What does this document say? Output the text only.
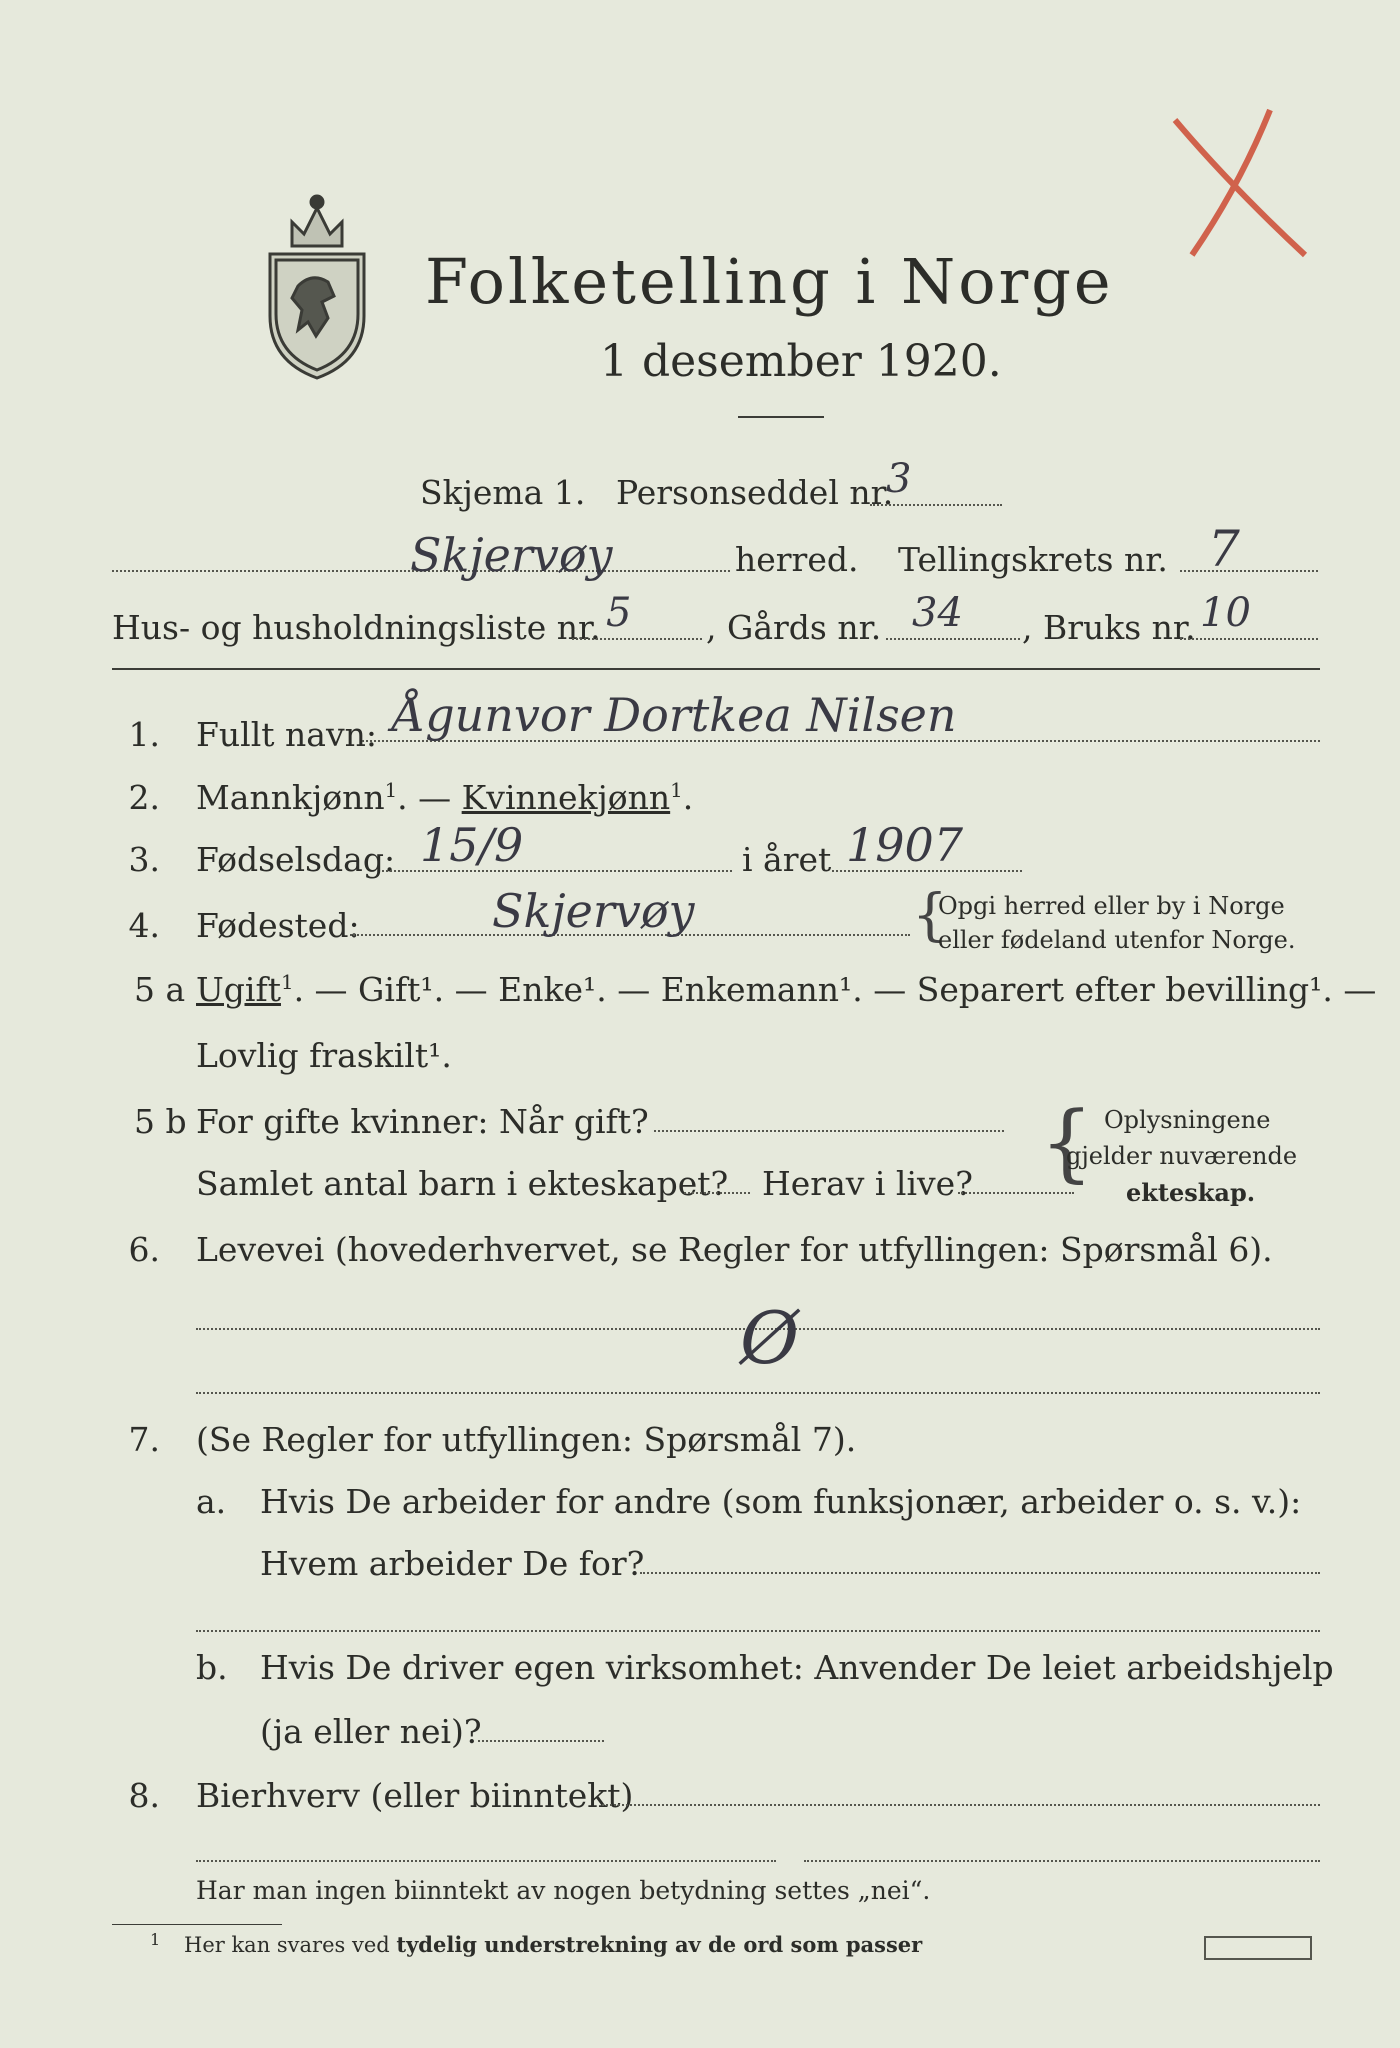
Folketelling i Norge
1 desember 1920.
Skjema 1. Personseddel nr.
3
Skjervøy	herred. Tellingskrets nr. 7
Hus- og husholdningsliste nr. 5 , Gårds nr. 34 , Bruks nr. 10
1. Fullt navn: Ågunvor Dortkea Nilsen
2. Mannkjønn$^1$. — Kvinnekjønn$^1$.
3. Fødselsdag: 15/9	i året 1907
4. Fødested:	Skjervøy	{
Opgi herred eller by i Norge
eller fødeland utenfor Norge.
5 a Ugift$^1$. — Gift¹. — Enke¹. — Enkemann¹. — Separert efter bevilling¹. —
Lovlig fraskilt¹.
5 b For gifte kvinner: Når gift?
Samlet antal barn i ekteskapet? Herav i live? { Oplysningene
gjelder nuværende
ekteskap.
6. Levevei (hovederhvervet, se Regler for utfyllingen: Spørsmål 6).
Ø
7. (Se Regler for utfyllingen: Spørsmål 7).
a. Hvis De arbeider for andre (som funksjonær, arbeider o. s. v.):
Hvem arbeider De for?
b. Hvis De driver egen virksomhet: Anvender De leiet arbeidshjelp
(ja eller nei)?
8. Bierhverv (eller biinntekt)
Har man ingen biinntekt av nogen betydning settes „nei“.
1 Her kan svares ved tydelig understrekning av de ord som passer
